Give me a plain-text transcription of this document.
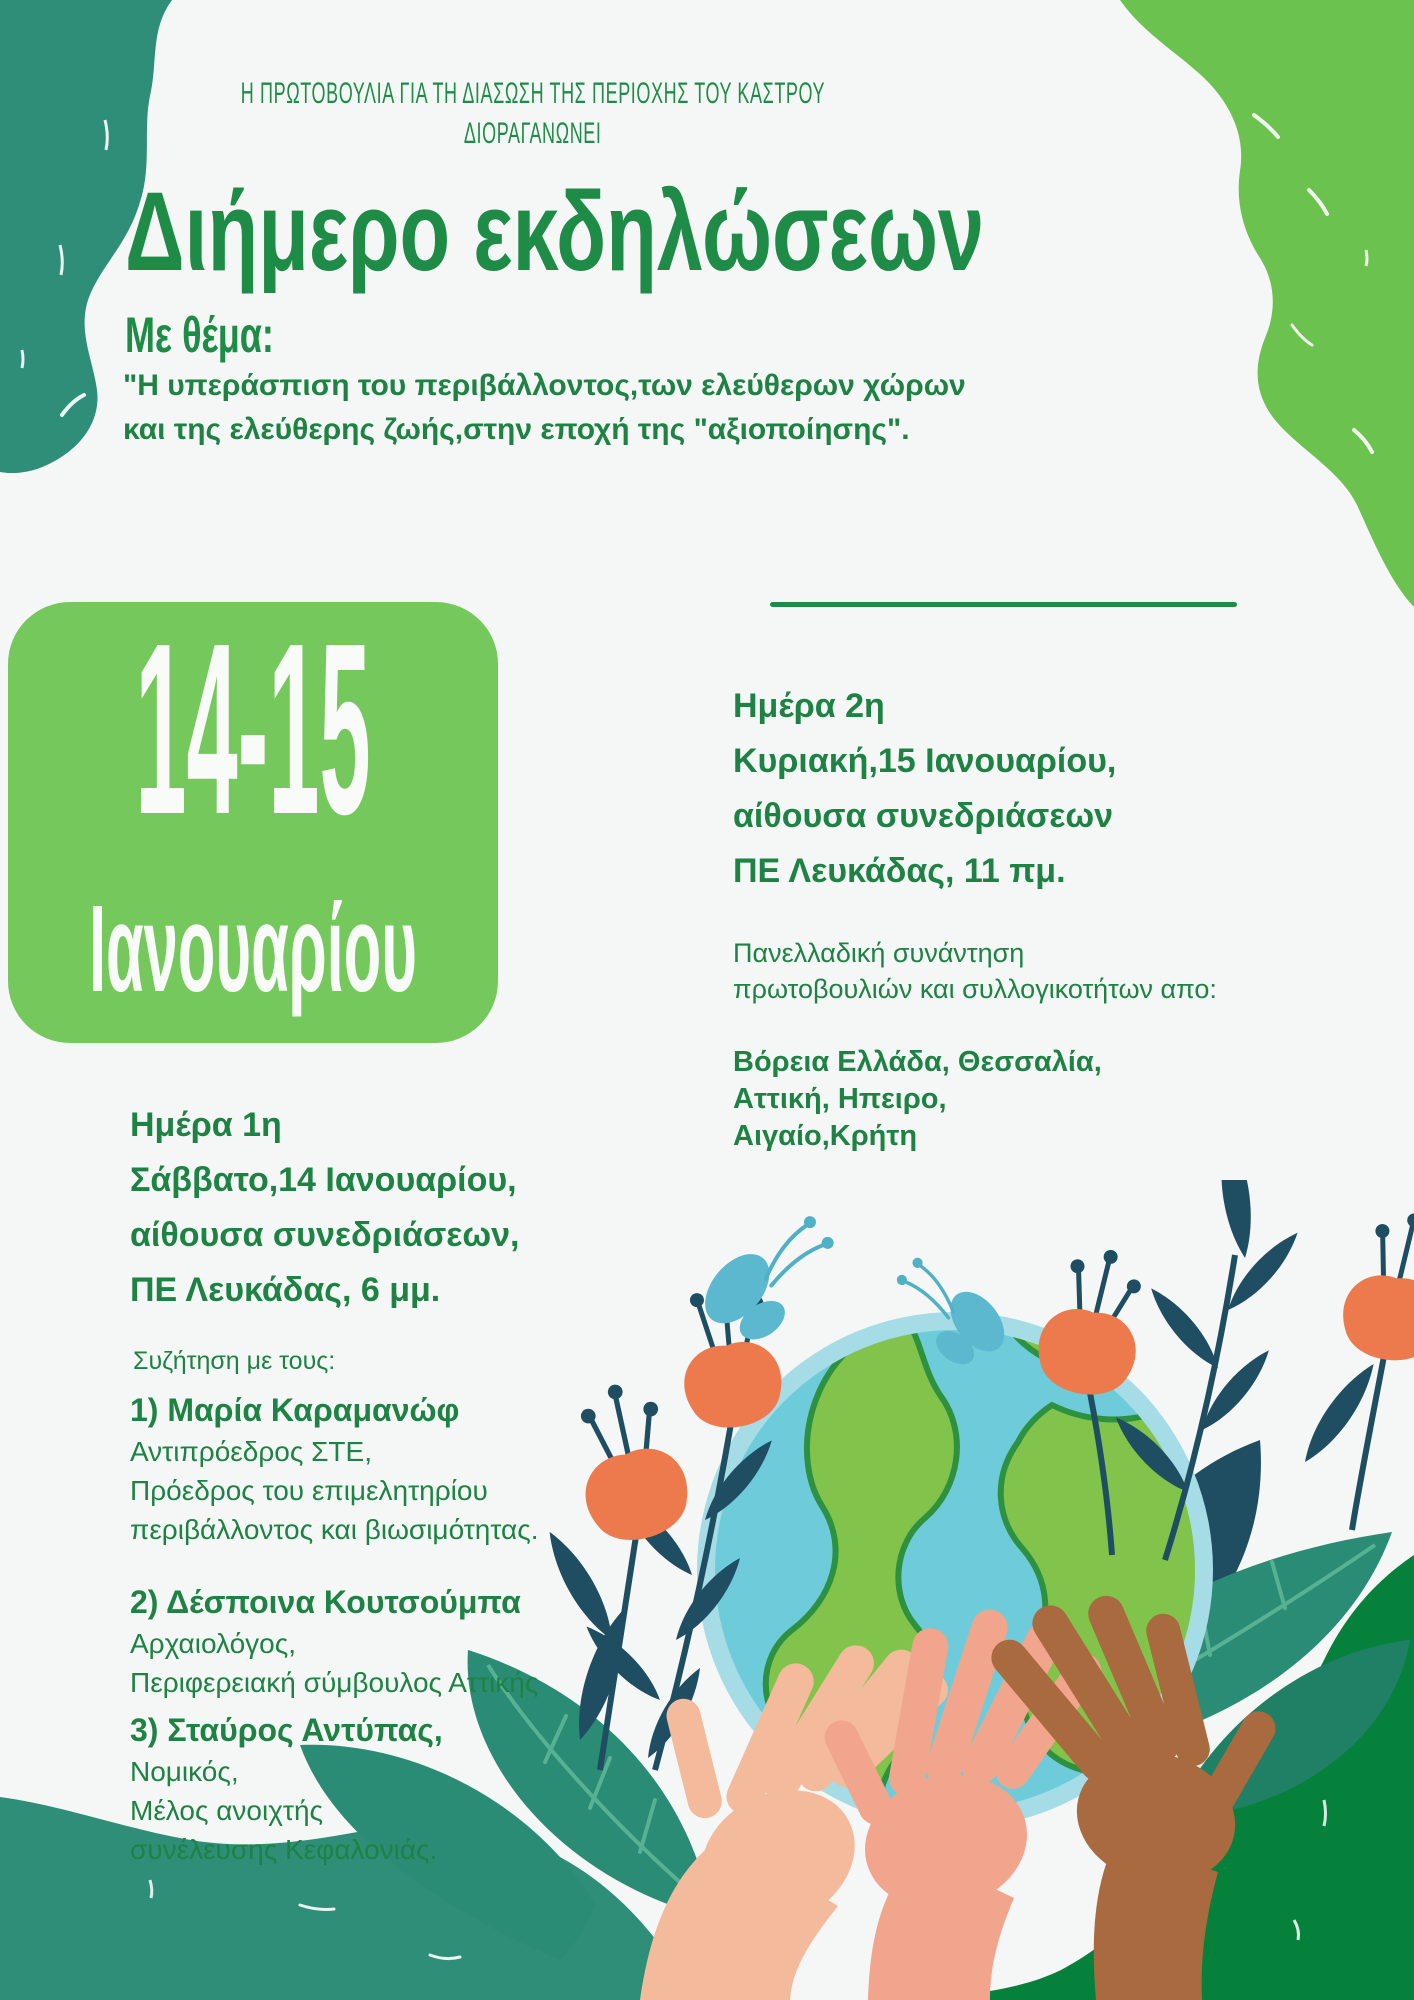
Η ΠΡΩΤΟΒΟΥΛΙΑ ΓΙΑ ΤΗ ΔΙΑΣΩΣΗ ΤΗΣ ΠΕΡΙΟΧΗΣ ΤΟΥ ΚΑΣΤΡΟΥ
ΔΙΟΡΑΓΑΝΩΝΕΙ
Διήμερο εκδηλώσεων
Με θέμα:

"Η υπεράσπιση του περιβάλλοντος,των ελεύθερων χώρων

και της ελεύθερης ζωής,στην εποχή της "αξιοποίησης".

14-15
Ιανουαρίου

Ημέρα 2η

Κυριακή,15 Ιανουαρίου,

αίθουσα συνεδριάσεων

ΠΕ Λευκάδας, 11 πμ.

Πανελλαδική συνάντηση

πρωτοβουλιών και συλλογικοτήτων απο:

Βόρεια Ελλάδα, Θεσσαλία,

Αττική, Ηπειρο,

Αιγαίο,Κρήτη

Ημέρα 1η

Σάββατο,14 Ιανουαρίου,

αίθουσα συνεδριάσεων,

ΠΕ Λευκάδας, 6 μμ.

Συζήτηση με τους:

1) Μαρία Καραμανώφ

Αντιπρόεδρος ΣΤΕ,

Πρόεδρος του επιμελητηρίου

περιβάλλοντος και βιωσιμότητας.

2) Δέσποινα Κουτσούμπα

Αρχαιολόγος,

Περιφερειακή σύμβουλος Αττικής

3) Σταύρος Αντύπας,

Νομικός,

Μέλος ανοιχτής

συνέλευσης Κεφαλονιάς.
